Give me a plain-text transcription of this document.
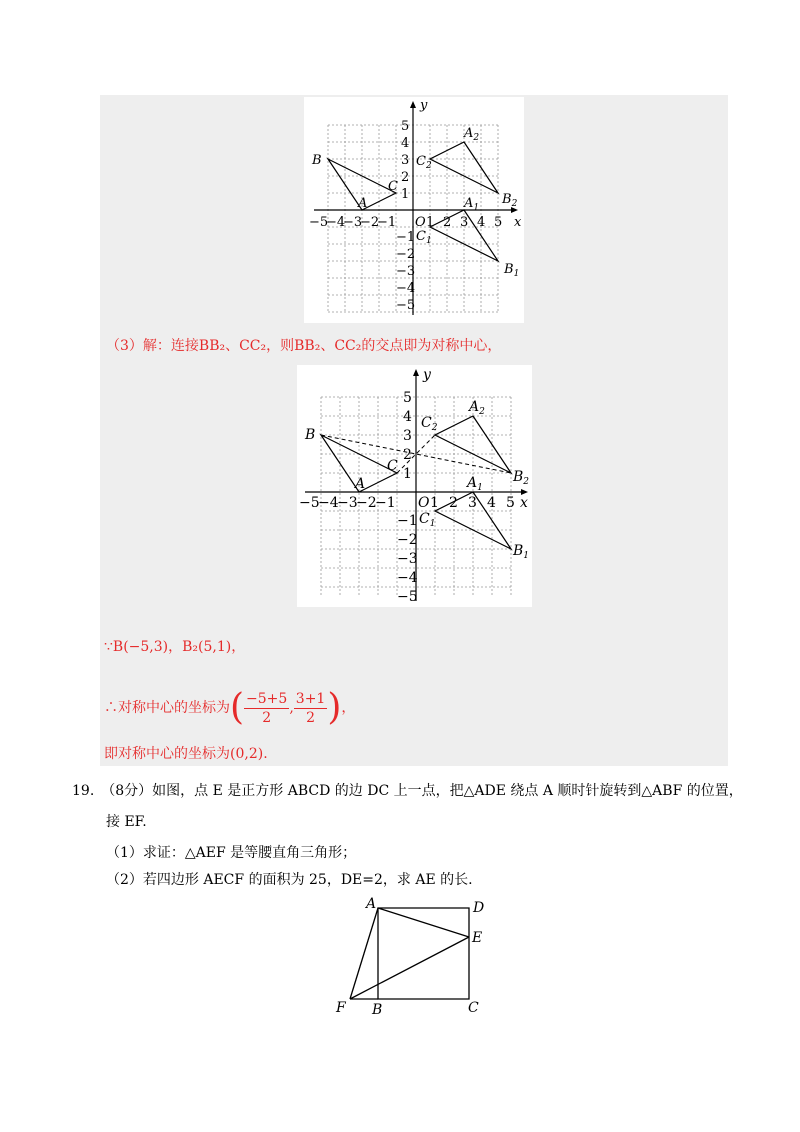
y
x
O
−5
−4
−3
−2
−1 1 2 3 4 5
5
4
3
2
1
−1
−2
−3
−4
−5
B
A
C
$A_2$
$B_2$
$C_2$
$A_1$
$B_1$
$C_1$
（3）解：连接BB₂、CC₂，则BB₂、CC₂的交点即为对称中心，
y
x
O
−5
−4
−3
−2
−1 1 2 3 4 5
5
4
3
2
1
−1
−2
−3
−4
−5
B
A
C
$A_2$
$B_2$
$C_2$
$A_1$
$B_1$
$C_1$
∵B(−5,3)，B₂(5,1)，
∴对称中心的坐标为( $\frac{-5+5}{2}$ , $\frac{3+1}{2}$ )，
即对称中心的坐标为(0,2).
19.　（8分）如图，点 E 是正方形 ABCD 的边 DC 上一点，把△ADE 绕点 A 顺时针旋转到△ABF 的位置，
接 EF.
（1）求证：△AEF 是等腰直角三角形；
（2）若四边形 AECF 的面积为 25，DE=2，求 AE 的长.
A	D
E
F B	C
